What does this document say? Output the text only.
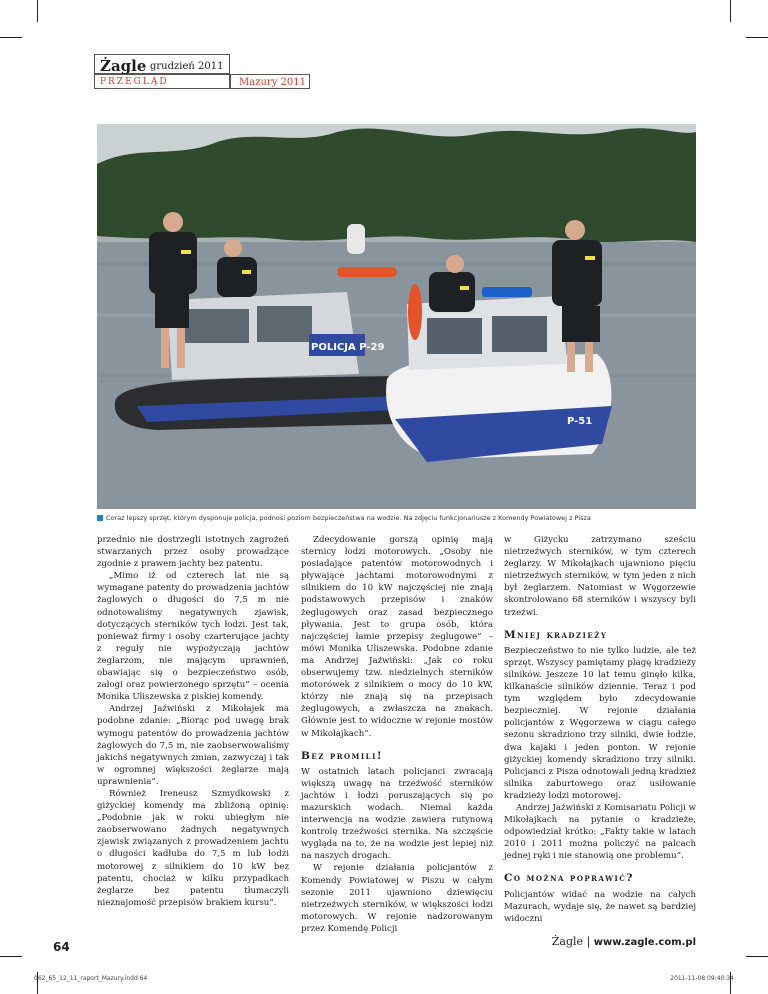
Żagle grudzień 2011
PRZEGLĄD	Mazury 2011
POLICJA P-29
P-51
Coraz lepszy sprzęt, którym dysponuje policja, podnosi poziom bezpieczeństwa na wodzie. Na zdjęciu funkcjonariusze z Komendy Powiatowej z Pisza

przednio nie dostrzegli istotnych zagrożeń stwarzanych przez osoby prowadzące zgodnie z prawem jachty bez patentu.

„Mimo iż od czterech lat nie są wymagane patenty do prowadzenia jachtów żaglowych o długości do 7,5 m nie odnotowaliśmy negatywnych zjawisk, dotyczących sterników tych łodzi. Jest tak, ponieważ firmy i osoby czarterujące jachty z reguły nie wypożyczają jachtów żeglarzom, nie mającym uprawnień, obawiając się o bezpieczeństwo osób, załogi oraz powierzonego sprzętu” – ocenia Monika Uliszewska z piskiej komendy.

Andrzej Jaźwiński z Mikołajek ma podobne zdanie: „Biorąc pod uwagę brak wymogu patentów do prowadzenia jachtów żaglowych do 7,5 m, nie zaobserwowaliśmy jakichś negatywnych zmian, zazwyczaj i tak w ogromnej większości żeglarze mają uprawnienia”.

Również Ireneusz Szmydkowski z giżyckiej komendy ma zbliżoną opinię: „Podobnie jak w roku ubiegłym nie zaobserwowano żadnych negatywnych zjawisk związanych z prowadzeniem jachtu o długości kadłuba do 7,5 m lub łodzi motorowej z silnikiem do 10 kW bez patentu, chociaż w kilku przypadkach żeglarze bez patentu tłumaczyli nieznajomość przepisów brakiem kursu”.

Zdecydowanie gorszą opinię mają sternicy łodzi motorowych. „Osoby nie posiadające patentów motorowodnych i pływające jachtami motorowodnymi z silnikiem do 10 kW najczęściej nie znają podstawowych przepisów i znaków żeglugowych oraz zasad bezpiecznego pływania. Jest to grupa osób, która najczęściej łamie przepisy żeglugowe” – mówi Monika Uliszewska. Podobne zdanie ma Andrzej Jaźwiński: „Jak co roku obserwujemy tzw. niedzielnych sterników motorówek z silnikiem o mocy do 10 kW, którzy nie znają się na przepisach żeglugowych, a zwłaszcza na znakach. Głównie jest to widoczne w rejonie mostów w Mikołajkach”.

Bez promili!

W ostatnich latach policjanci zwracają większą uwagę na trzeźwość sterników jachtów i łodzi poruszających się po mazurskich wodach. Niemal każda interwencja na wodzie zawiera rutynową kontrolę trzeźwości sternika. Na szczęście wygląda na to, że na wodzie jest lepiej niż na naszych drogach.

W rejonie działania policjantów z Komendy Powiatowej w Piszu w całym sezonie 2011 ujawniono dziewięciu nietrzeźwych sterników, w większości łodzi motorowych. W rejonie nadzorowanym przez Komendę Policji

w Giżycku zatrzymano sześciu nietrzeźwych sterników, w tym czterech żeglarzy. W Mikołajkach ujawniono pięciu nietrzeźwych sterników, w tym jeden z nich był żeglarzem. Natomiast w Węgorzewie skontrolowano 68 sterników i wszyscy byli trzeźwi.

Mniej kradzieży

Bezpieczeństwo to nie tylko ludzie, ale też sprzęt. Wszyscy pamiętamy plagę kradzieży silników. Jeszcze 10 lat temu ginęło kilka, kilkanaście silników dziennie. Teraz i pod tym względem było zdecydowanie bezpieczniej. W rejonie działania policjantów z Węgorzewa w ciągu całego sezonu skradziono trzy silniki, dwie łodzie, dwa kajaki i jeden ponton. W rejonie giżyckiej komendy skradziono trzy silniki. Policjanci z Pisza odnotowali jedną kradzież silnika zaburtowego oraz usiłowanie kradzieży łodzi motorowej.

Andrzej Jaźwiński z Komisariatu Policji w Mikołajkach na pytanie o kradzieże, odpowiedział krótko: „Fakty takie w latach 2010 i 2011 można policzyć na palcach jednej ręki i nie stanowią one problemu”.

Co można poprawić?

Policjantów widać na wodzie na całych Mazurach, wydaje się, że nawet są bardziej widoczni

64	Żagle | www.zagle.com.pl
062_65_12_11_raport_Mazury.indd 64	2011-11-08 09:40:34
